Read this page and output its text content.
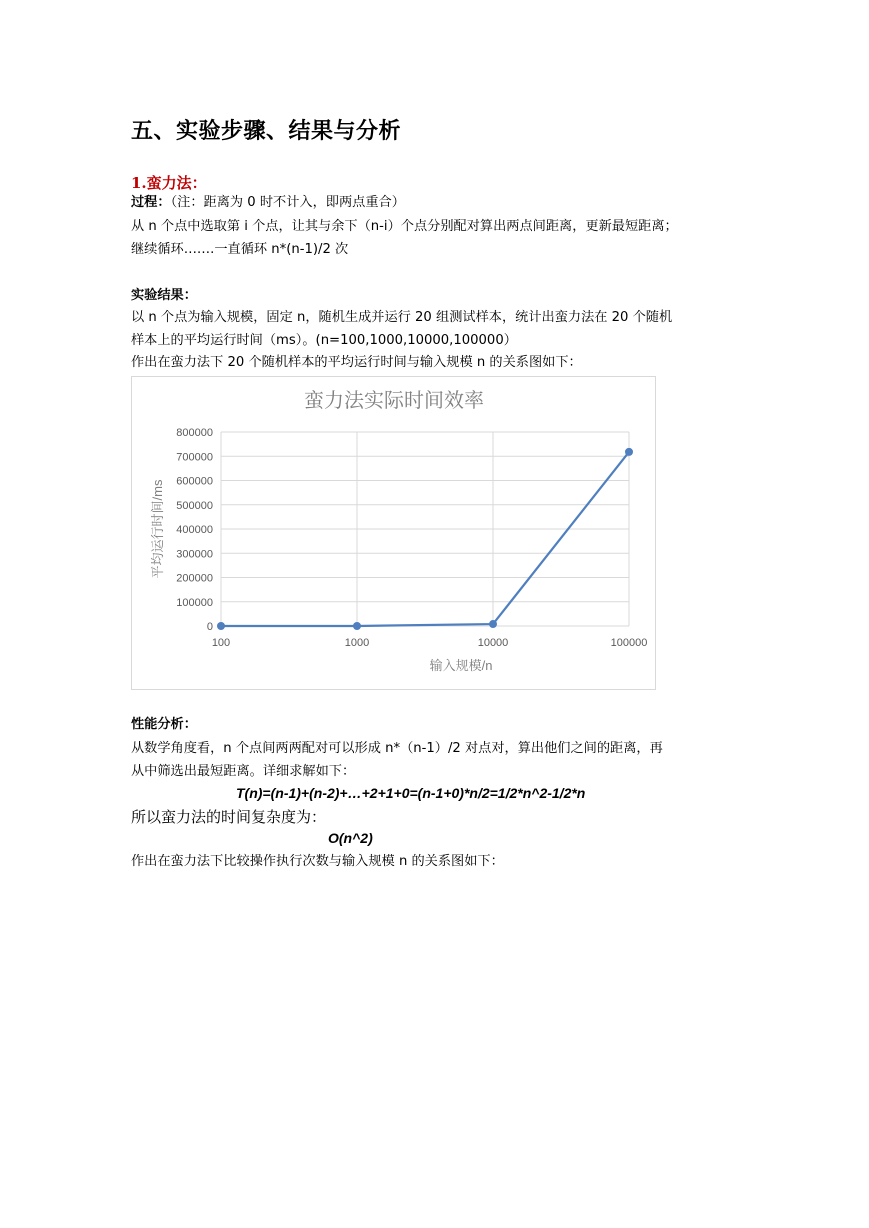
五、实验步骤、结果与分析
1.蛮力法：
过程：（注：距离为 0 时不计入，即两点重合）
从 n 个点中选取第 i 个点，让其与余下（n-i）个点分别配对算出两点间距离，更新最短距离；
继续循环…….一直循环 n*(n-1)/2 次
实验结果：
以 n 个点为输入规模，固定 n，随机生成并运行 20 组测试样本，统计出蛮力法在 20 个随机
样本上的平均运行时间（ms）。(n=100,1000,10000,100000）
作出在蛮力法下 20 个随机样本的平均运行时间与输入规模 n 的关系图如下：
蛮力法实际时间效率
0
100000
200000
300000
400000
500000
600000
700000
800000
100	1000	10000	100000
输入规模/n
平均运行时间/ms
性能分析：
从数学角度看，n 个点间两两配对可以形成 n*（n-1）/2 对点对，算出他们之间的距离，再
从中筛选出最短距离。详细求解如下：
T(n)=(n-1)+(n-2)+…+2+1+0=(n-1+0)*n/2=1/2*n^2-1/2*n
所以蛮力法的时间复杂度为：
O(n^2)
作出在蛮力法下比较操作执行次数与输入规模 n 的关系图如下：
